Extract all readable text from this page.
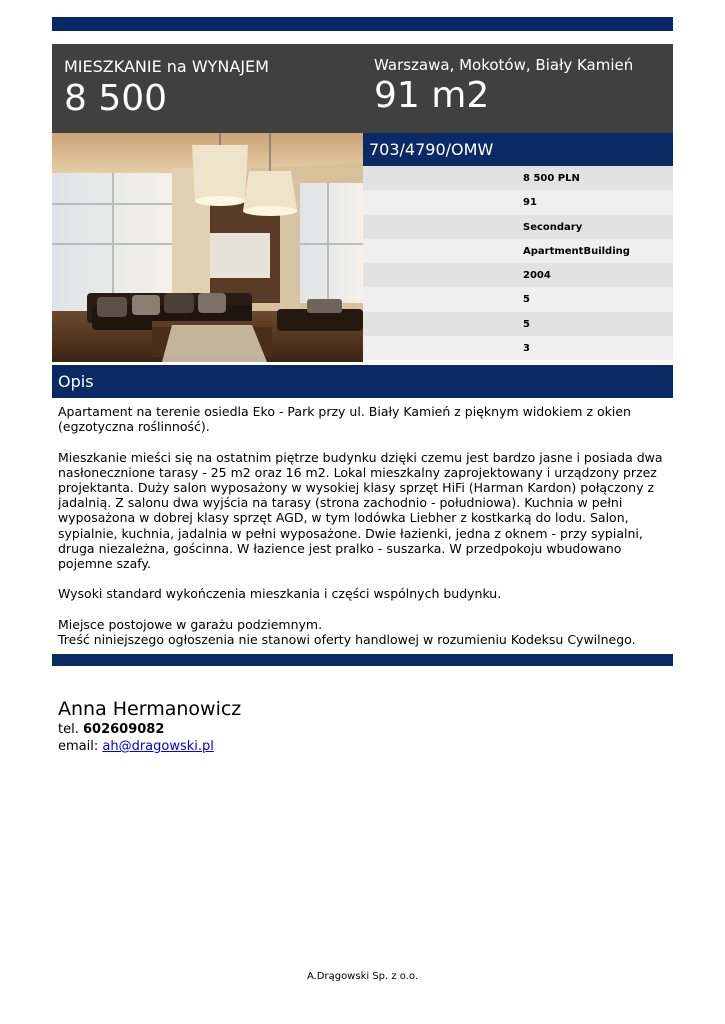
MIESZKANIE na WYNAJEM
8 500
Warszawa, Mokotów, Biały Kamień
91 m2
703/4790/OMW
8 500 PLN
91
Secondary
ApartmentBuilding
2004
5
5
3
Opis

Apartament na terenie osiedla Eko - Park przy ul. Biały Kamień z pięknym widokiem z okien (egzotyczna roślinność).

Mieszkanie mieści się na ostatnim piętrze budynku dzięki czemu jest bardzo jasne i posiada dwa nasłonecznione tarasy - 25 m2 oraz 16 m2. Lokal mieszkalny zaprojektowany i urządzony przez projektanta. Duży salon wyposażony w wysokiej klasy sprzęt HiFi (Harman Kardon) połączony z jadalnią. Z salonu dwa wyjścia na tarasy (strona zachodnio - południowa). Kuchnia w pełni wyposażona w dobrej klasy sprzęt AGD, w tym lodówka Liebher z kostkarką do lodu. Salon, sypialnie, kuchnia, jadalnia w pełni wyposażone. Dwie łazienki, jedna z oknem - przy sypialni, druga niezależna, gościnna. W łazience jest pralko - suszarka. W przedpokoju wbudowano pojemne szafy.

Wysoki standard wykończenia mieszkania i części wspólnych budynku.

Miejsce postojowe w garażu podziemnym.
Treść niniejszego ogłoszenia nie stanowi oferty handlowej w rozumieniu Kodeksu Cywilnego.

Anna Hermanowicz
tel. 602609082
email: ah@dragowski.pl
A.Drągowski Sp. z o.o.
